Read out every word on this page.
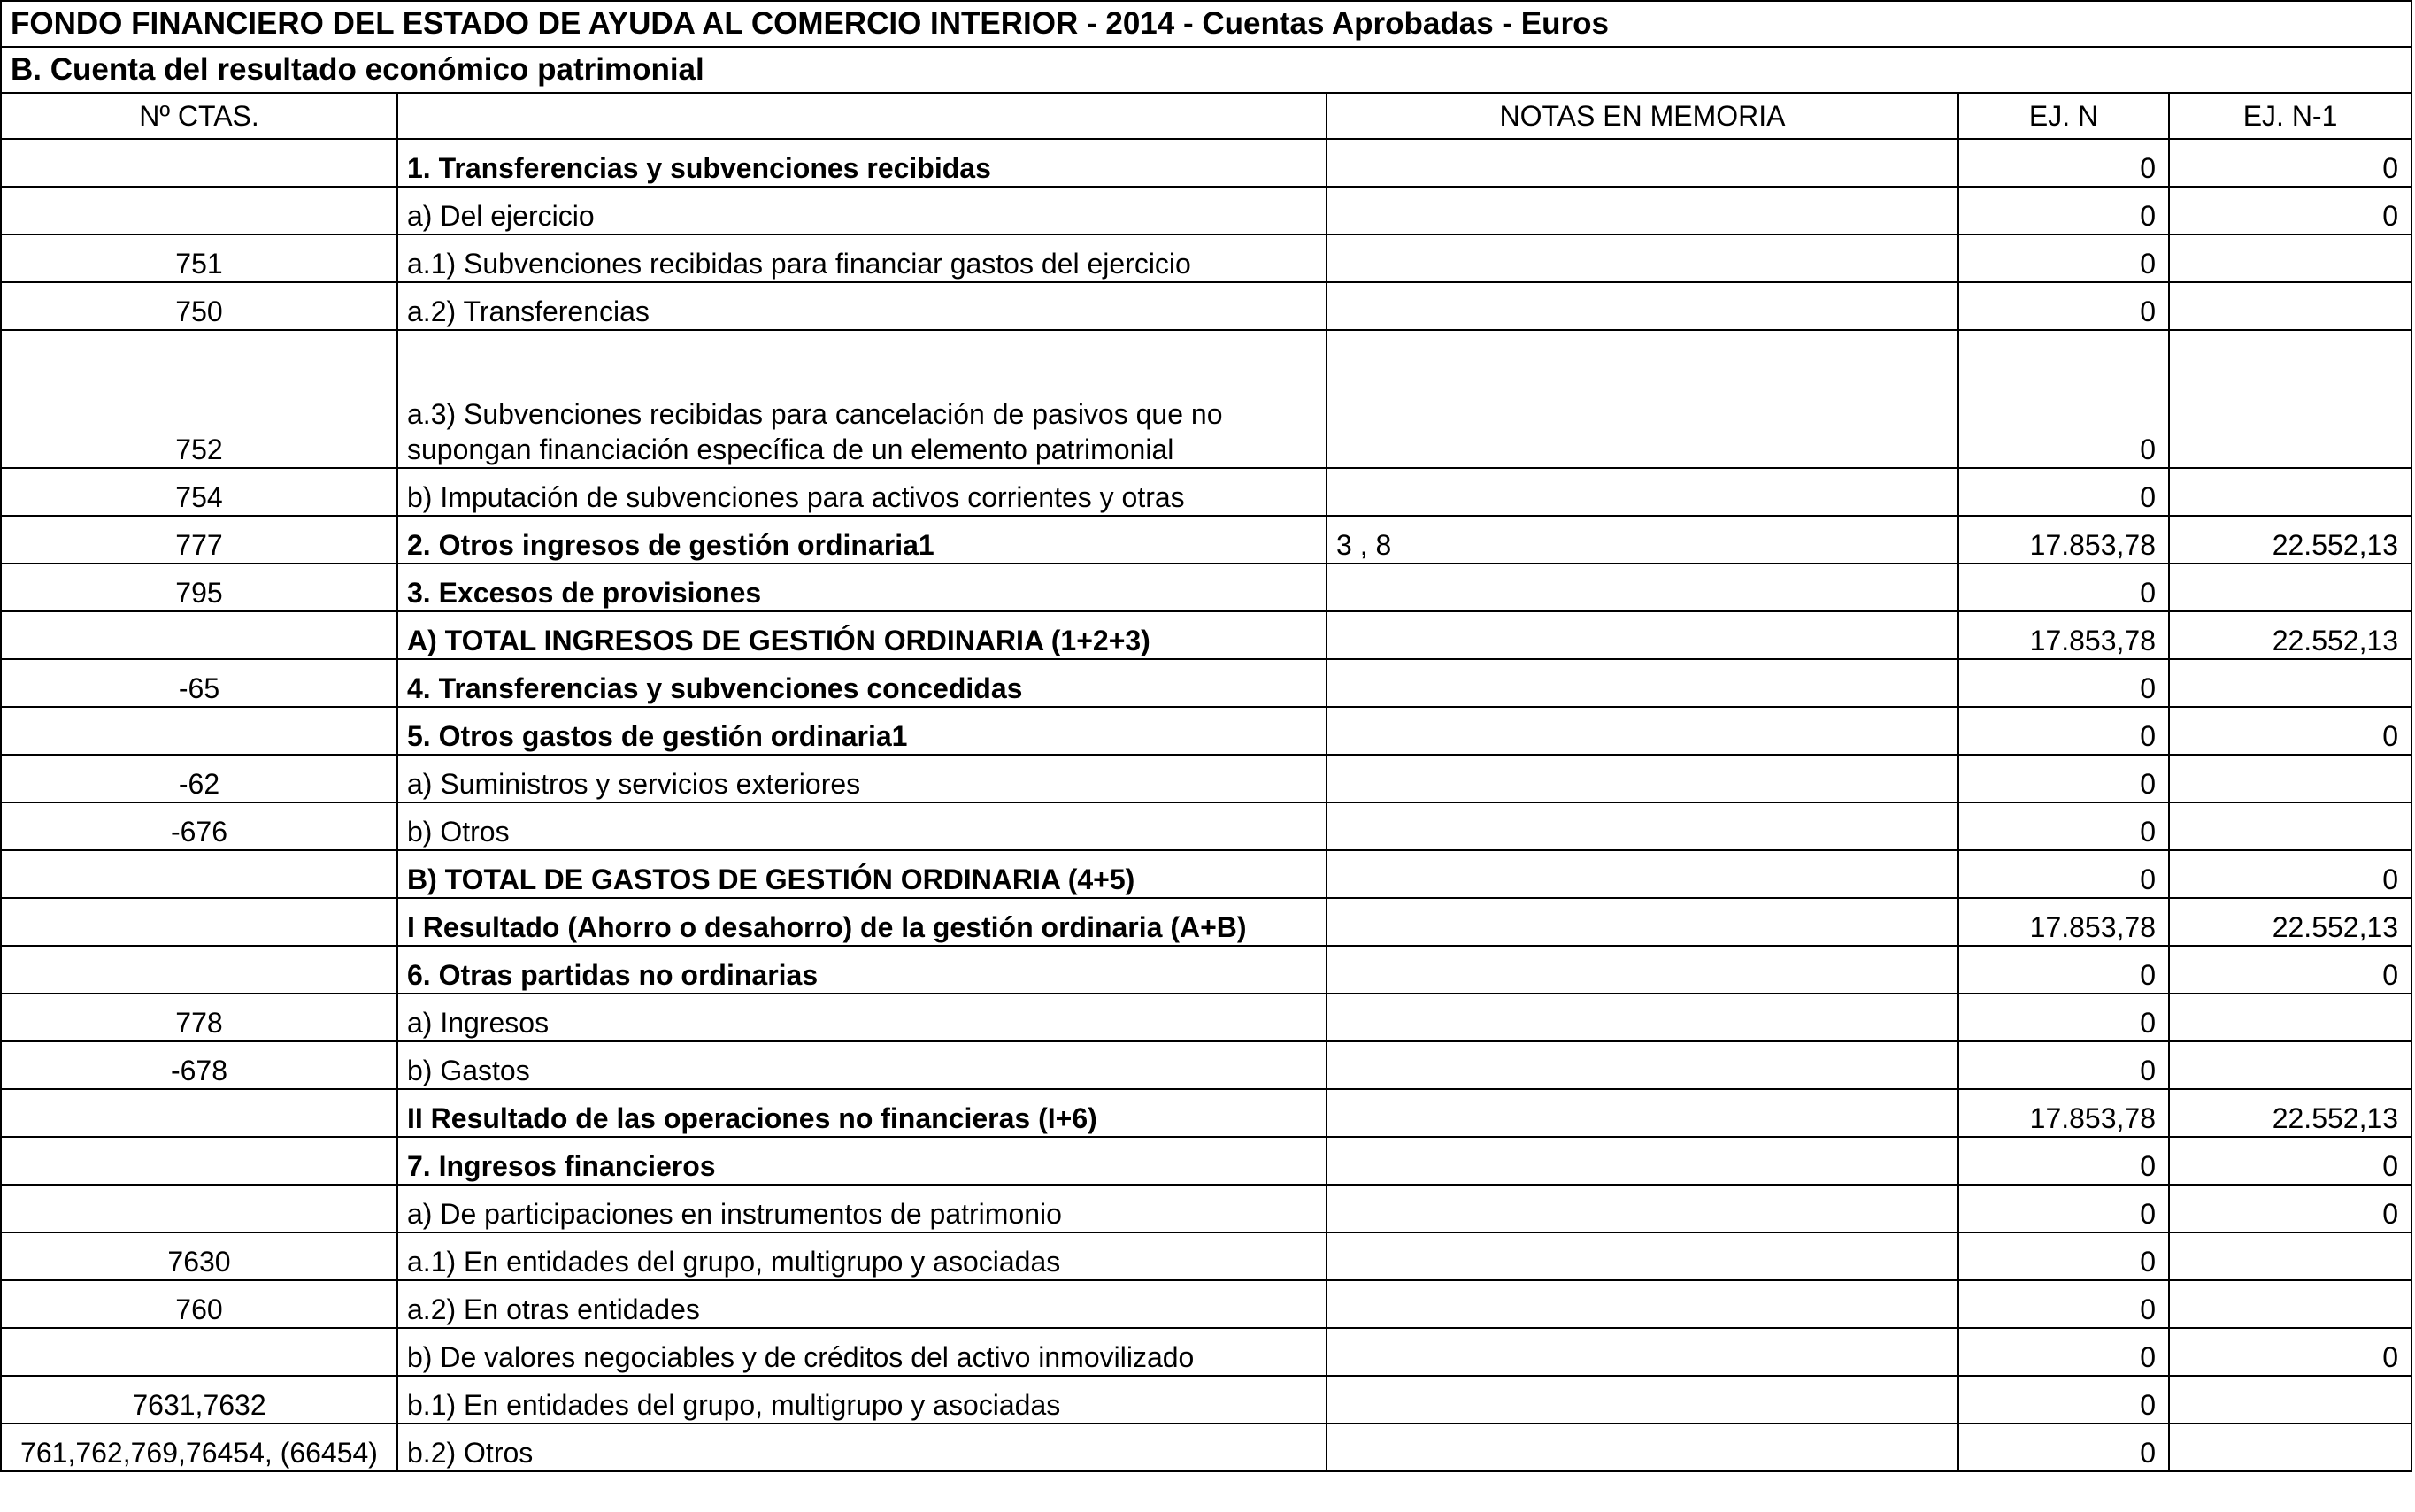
FONDO FINANCIERO DEL ESTADO DE AYUDA AL COMERCIO INTERIOR - 2014 - Cuentas Aprobadas - Euros				
B. Cuenta del resultado económico patrimonial				
Nº CTAS.		NOTAS EN MEMORIA	EJ. N	EJ. N-1
	1. Transferencias y subvenciones recibidas		0	0
	a) Del ejercicio		0	0
751	a.1) Subvenciones recibidas para financiar gastos del ejercicio		0	
750	a.2) Transferencias		0	
752	a.3) Subvenciones recibidas para cancelación de pasivos que no
supongan financiación específica de un elemento patrimonial		0	
754	b) Imputación de subvenciones para activos corrientes y otras		0	
777	2. Otros ingresos de gestión ordinaria1	3 , 8	17.853,78	22.552,13
795	3. Excesos de provisiones		0	
	A) TOTAL INGRESOS DE GESTIÓN ORDINARIA (1+2+3)		17.853,78	22.552,13
-65	4. Transferencias y subvenciones concedidas		0	
	5. Otros gastos de gestión ordinaria1		0	0
-62	a) Suministros y servicios exteriores		0	
-676	b) Otros		0	
	B) TOTAL DE GASTOS DE GESTIÓN ORDINARIA (4+5)		0	0
	I Resultado (Ahorro o desahorro) de la gestión ordinaria (A+B)		17.853,78	22.552,13
	6. Otras partidas no ordinarias		0	0
778	a) Ingresos		0	
-678	b) Gastos		0	
	II Resultado de las operaciones no financieras (I+6)		17.853,78	22.552,13
	7. Ingresos financieros		0	0
	a) De participaciones en instrumentos de patrimonio		0	0
7630	a.1) En entidades del grupo, multigrupo y asociadas		0	
760	a.2) En otras entidades		0	
	b) De valores negociables y de créditos del activo inmovilizado		0	0
7631,7632	b.1) En entidades del grupo, multigrupo y asociadas		0	
761,762,769,76454, (66454)	b.2) Otros		0	
